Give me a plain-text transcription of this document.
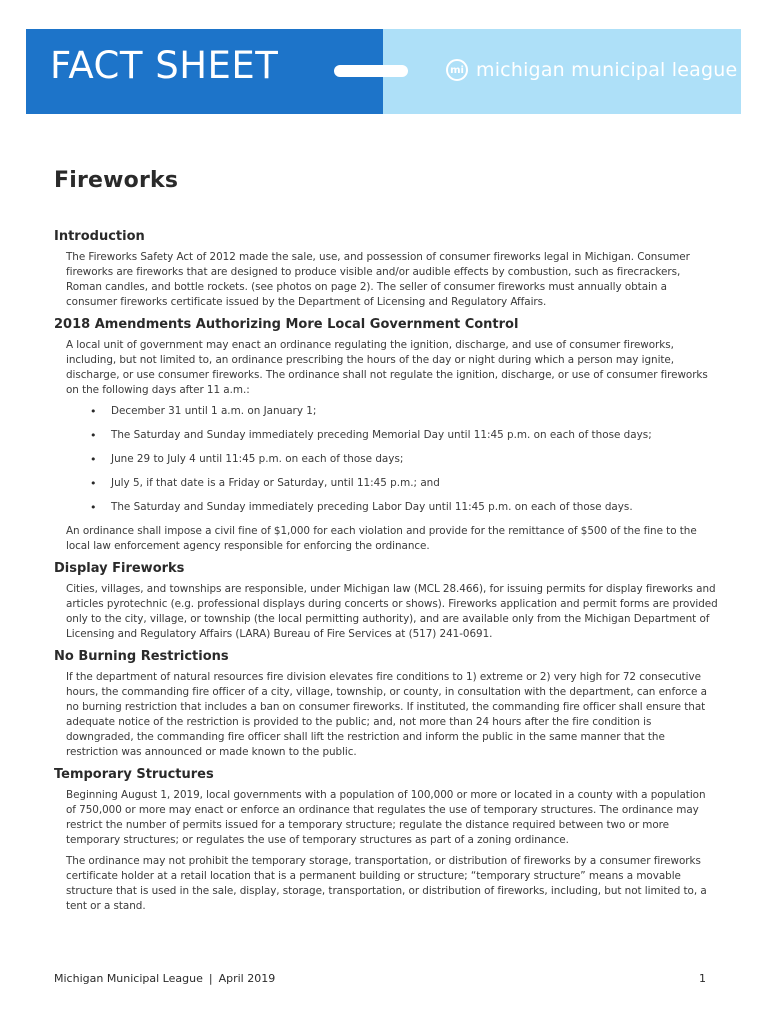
FACT SHEET	mi michigan municipal league
Fireworks
Introduction

The Fireworks Safety Act of 2012 made the sale, use, and possession of consumer fireworks legal in Michigan. Consumer fireworks are fireworks that are designed to produce visible and/or audible effects by combustion, such as firecrackers, Roman candles, and bottle rockets. (see photos on page 2). The seller of consumer fireworks must annually obtain a consumer fireworks certificate issued by the Department of Licensing and Regulatory Affairs.

2018 Amendments Authorizing More Local Government Control

A local unit of government may enact an ordinance regulating the ignition, discharge, and use of consumer fireworks, including, but not limited to, an ordinance prescribing the hours of the day or night during which a person may ignite, discharge, or use consumer fireworks. The ordinance shall not regulate the ignition, discharge, or use of consumer fireworks on the following days after 11 a.m.:

• December 31 until 1 a.m. on January 1;
• The Saturday and Sunday immediately preceding Memorial Day until 11:45 p.m. on each of those days;
• June 29 to July 4 until 11:45 p.m. on each of those days;
• July 5, if that date is a Friday or Saturday, until 11:45 p.m.; and
• The Saturday and Sunday immediately preceding Labor Day until 11:45 p.m. on each of those days.

An ordinance shall impose a civil fine of $1,000 for each violation and provide for the remittance of $500 of the fine to the local law enforcement agency responsible for enforcing the ordinance.

Display Fireworks

Cities, villages, and townships are responsible, under Michigan law (MCL 28.466), for issuing permits for display fireworks and articles pyrotechnic (e.g. professional displays during concerts or shows). Fireworks application and permit forms are provided only to the city, village, or township (the local permitting authority), and are available only from the Michigan Department of Licensing and Regulatory Affairs (LARA) Bureau of Fire Services at (517) 241-0691.

No Burning Restrictions

If the department of natural resources fire division elevates fire conditions to 1) extreme or 2) very high for 72 consecutive hours, the commanding fire officer of a city, village, township, or county, in consultation with the department, can enforce a no burning restriction that includes a ban on consumer fireworks. If instituted, the commanding fire officer shall ensure that adequate notice of the restriction is provided to the public; and, not more than 24 hours after the fire condition is downgraded, the commanding fire officer shall lift the restriction and inform the public in the same manner that the restriction was announced or made known to the public.

Temporary Structures

Beginning August 1, 2019, local governments with a population of 100,000 or more or located in a county with a population of 750,000 or more may enact or enforce an ordinance that regulates the use of temporary structures. The ordinance may restrict the number of permits issued for a temporary structure; regulate the distance required between two or more temporary structures; or regulates the use of temporary structures as part of a zoning ordinance.

The ordinance may not prohibit the temporary storage, transportation, or distribution of fireworks by a consumer fireworks certificate holder at a retail location that is a permanent building or structure; “temporary structure” means a movable structure that is used in the sale, display, storage, transportation, or distribution of fireworks, including, but not limited to, a tent or a stand.

Michigan Municipal League | April 2019	1
